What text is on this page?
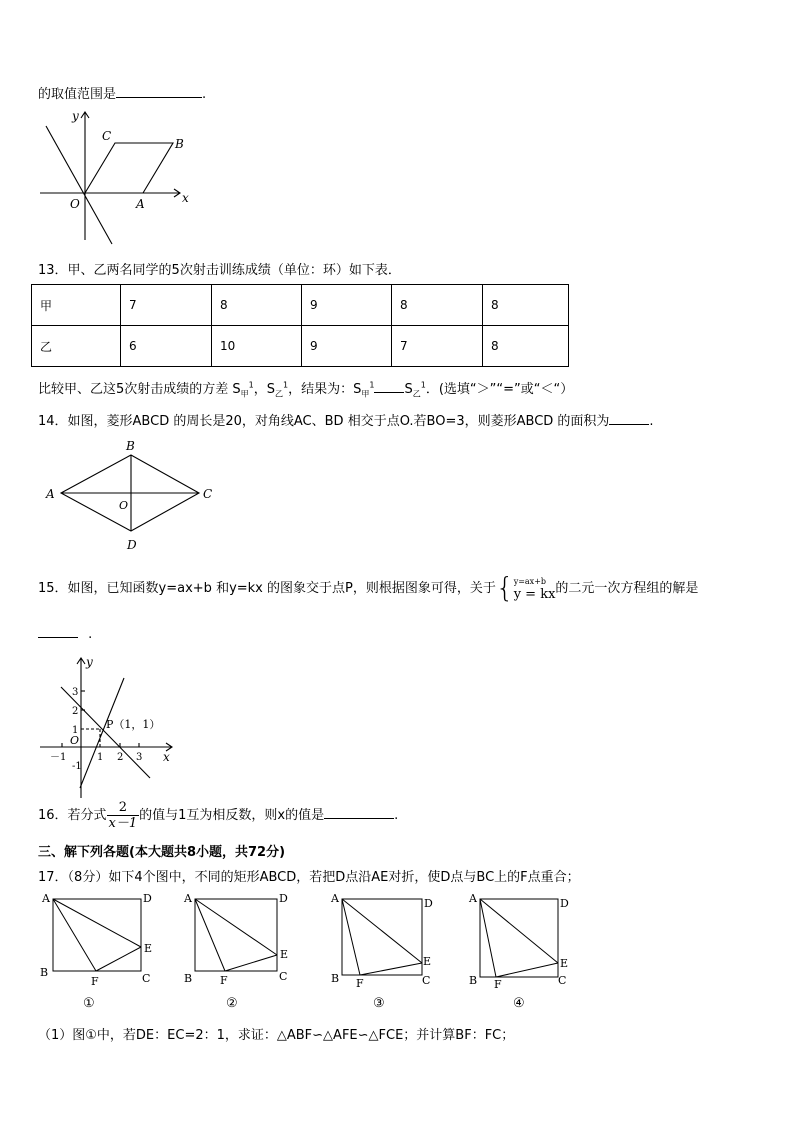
的取值范围是	.
y
x
O	A
B
C
13．甲、乙两名同学的5次射击训练成绩（单位：环）如下表．
甲	7	8	9	8	8
乙	6	10	9	7	8
比较甲、乙这5次射击成绩的方差 $S_甲^1$，$S_乙^1$，结果为：$S_甲^1$ $S_乙^1$．(选填“＞”“=”或“＜“）
14．如图，菱形ABCD 的周长是20，对角线AC、BD 相交于点O.若BO=3，则菱形ABCD 的面积为	.
A
B
C
D
O
15．如图，已知函数y=ax+b 和y=kx 的图象交于点P，则根据图象可得，关于{ y=ax+b
y = kx 的二元一次方程组的解是
.
y
x
O
P（1，1）
3
2
1
-1
－1	1 2 3
16．若分式 $\frac{2}{x-1}$ 的值与1互为相反数，则x的值是	.
三、解下列各题(本大题共8小题，共72分)
17．（8分）如下4个图中，不同的矩形ABCD，若把D点沿AE对折，使D点与BC上的F点重合；
A	D
B	C
E
F
①
A	D
B	C
E
F
②
A	D
B	C
E
F
③
A	D
B	C
E
F
④
（1）图①中，若DE：EC=2：1，求证：△ABF∽△AFE∽△FCE；并计算BF：FC；
